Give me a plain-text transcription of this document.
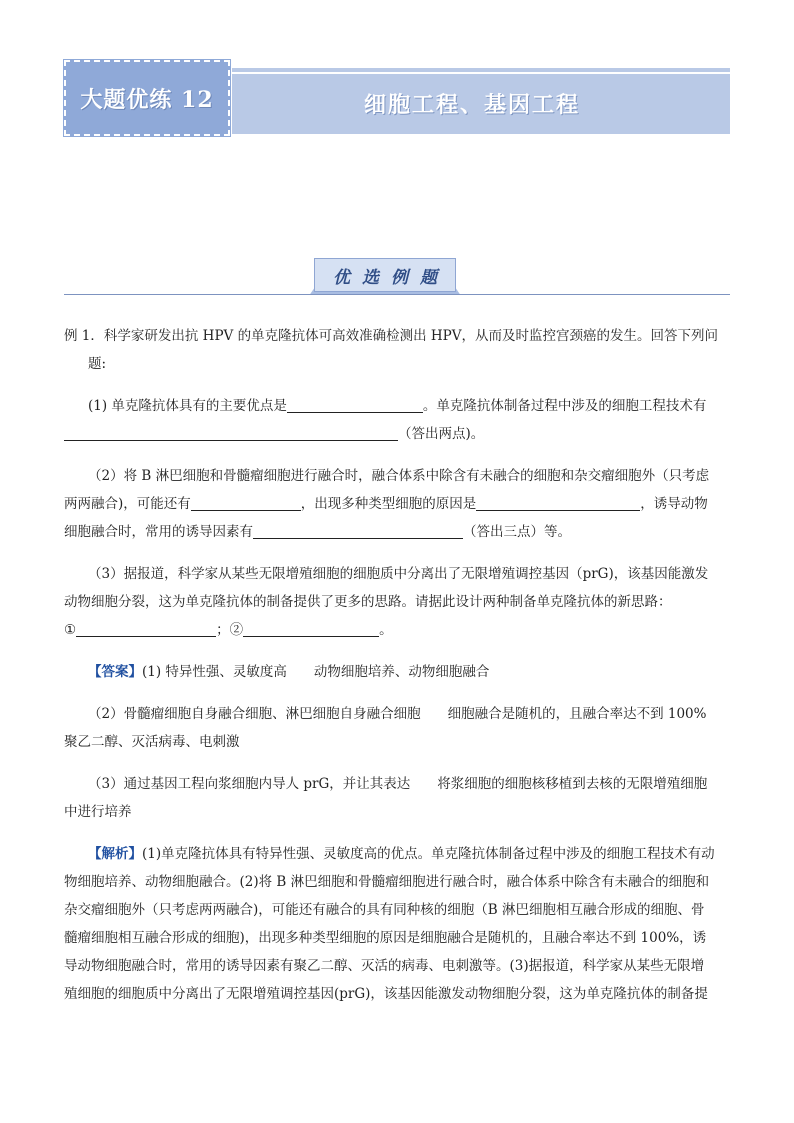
大题优练 12	细胞工程、基因工程
优 选 例 题

例 1．科学家研发出抗 HPV 的单克隆抗体可高效准确检测出 HPV，从而及时监控宫颈癌的发生。回答下列问

题:

(1) 单克隆抗体具有的主要优点是	。单克隆抗体制备过程中涉及的细胞工程技术有

（答出两点)。

（2）将 B 淋巴细胞和骨髓瘤细胞进行融合时，融合体系中除含有未融合的细胞和杂交瘤细胞外（只考虑

两两融合)，可能还有	，出现多种类型细胞的原因是	，诱导动物

细胞融合时，常用的诱导因素有	（答出三点）等。

（3）据报道，科学家从某些无限增殖细胞的细胞质中分离出了无限增殖调控基因（prG)，该基因能激发

动物细胞分裂，这为单克隆抗体的制备提供了更多的思路。请据此设计两种制备单克隆抗体的新思路：

①	；②	。

【答案】(1) 特异性强、灵敏度高　　动物细胞培养、动物细胞融合

（2）骨髓瘤细胞自身融合细胞、淋巴细胞自身融合细胞　　细胞融合是随机的，且融合率达不到 100%

聚乙二醇、灭活病毒、电刺激

（3）通过基因工程向浆细胞内导人 prG，并让其表达　　将浆细胞的细胞核移植到去核的无限增殖细胞

中进行培养

【解析】(1)单克隆抗体具有特异性强、灵敏度高的优点。单克隆抗体制备过程中涉及的细胞工程技术有动

物细胞培养、动物细胞融合。(2)将 B 淋巴细胞和骨髓瘤细胞进行融合时，融合体系中除含有未融合的细胞和

杂交瘤细胞外（只考虑两两融合)，可能还有融合的具有同种核的细胞（B 淋巴细胞相互融合形成的细胞、骨

髓瘤细胞相互融合形成的细胞)，出现多种类型细胞的原因是细胞融合是随机的，且融合率达不到 100%，诱

导动物细胞融合时，常用的诱导因素有聚乙二醇、灭活的病毒、电刺激等。(3)据报道，科学家从某些无限增

殖细胞的细胞质中分离出了无限增殖调控基因(prG)，该基因能激发动物细胞分裂，这为单克隆抗体的制备提
